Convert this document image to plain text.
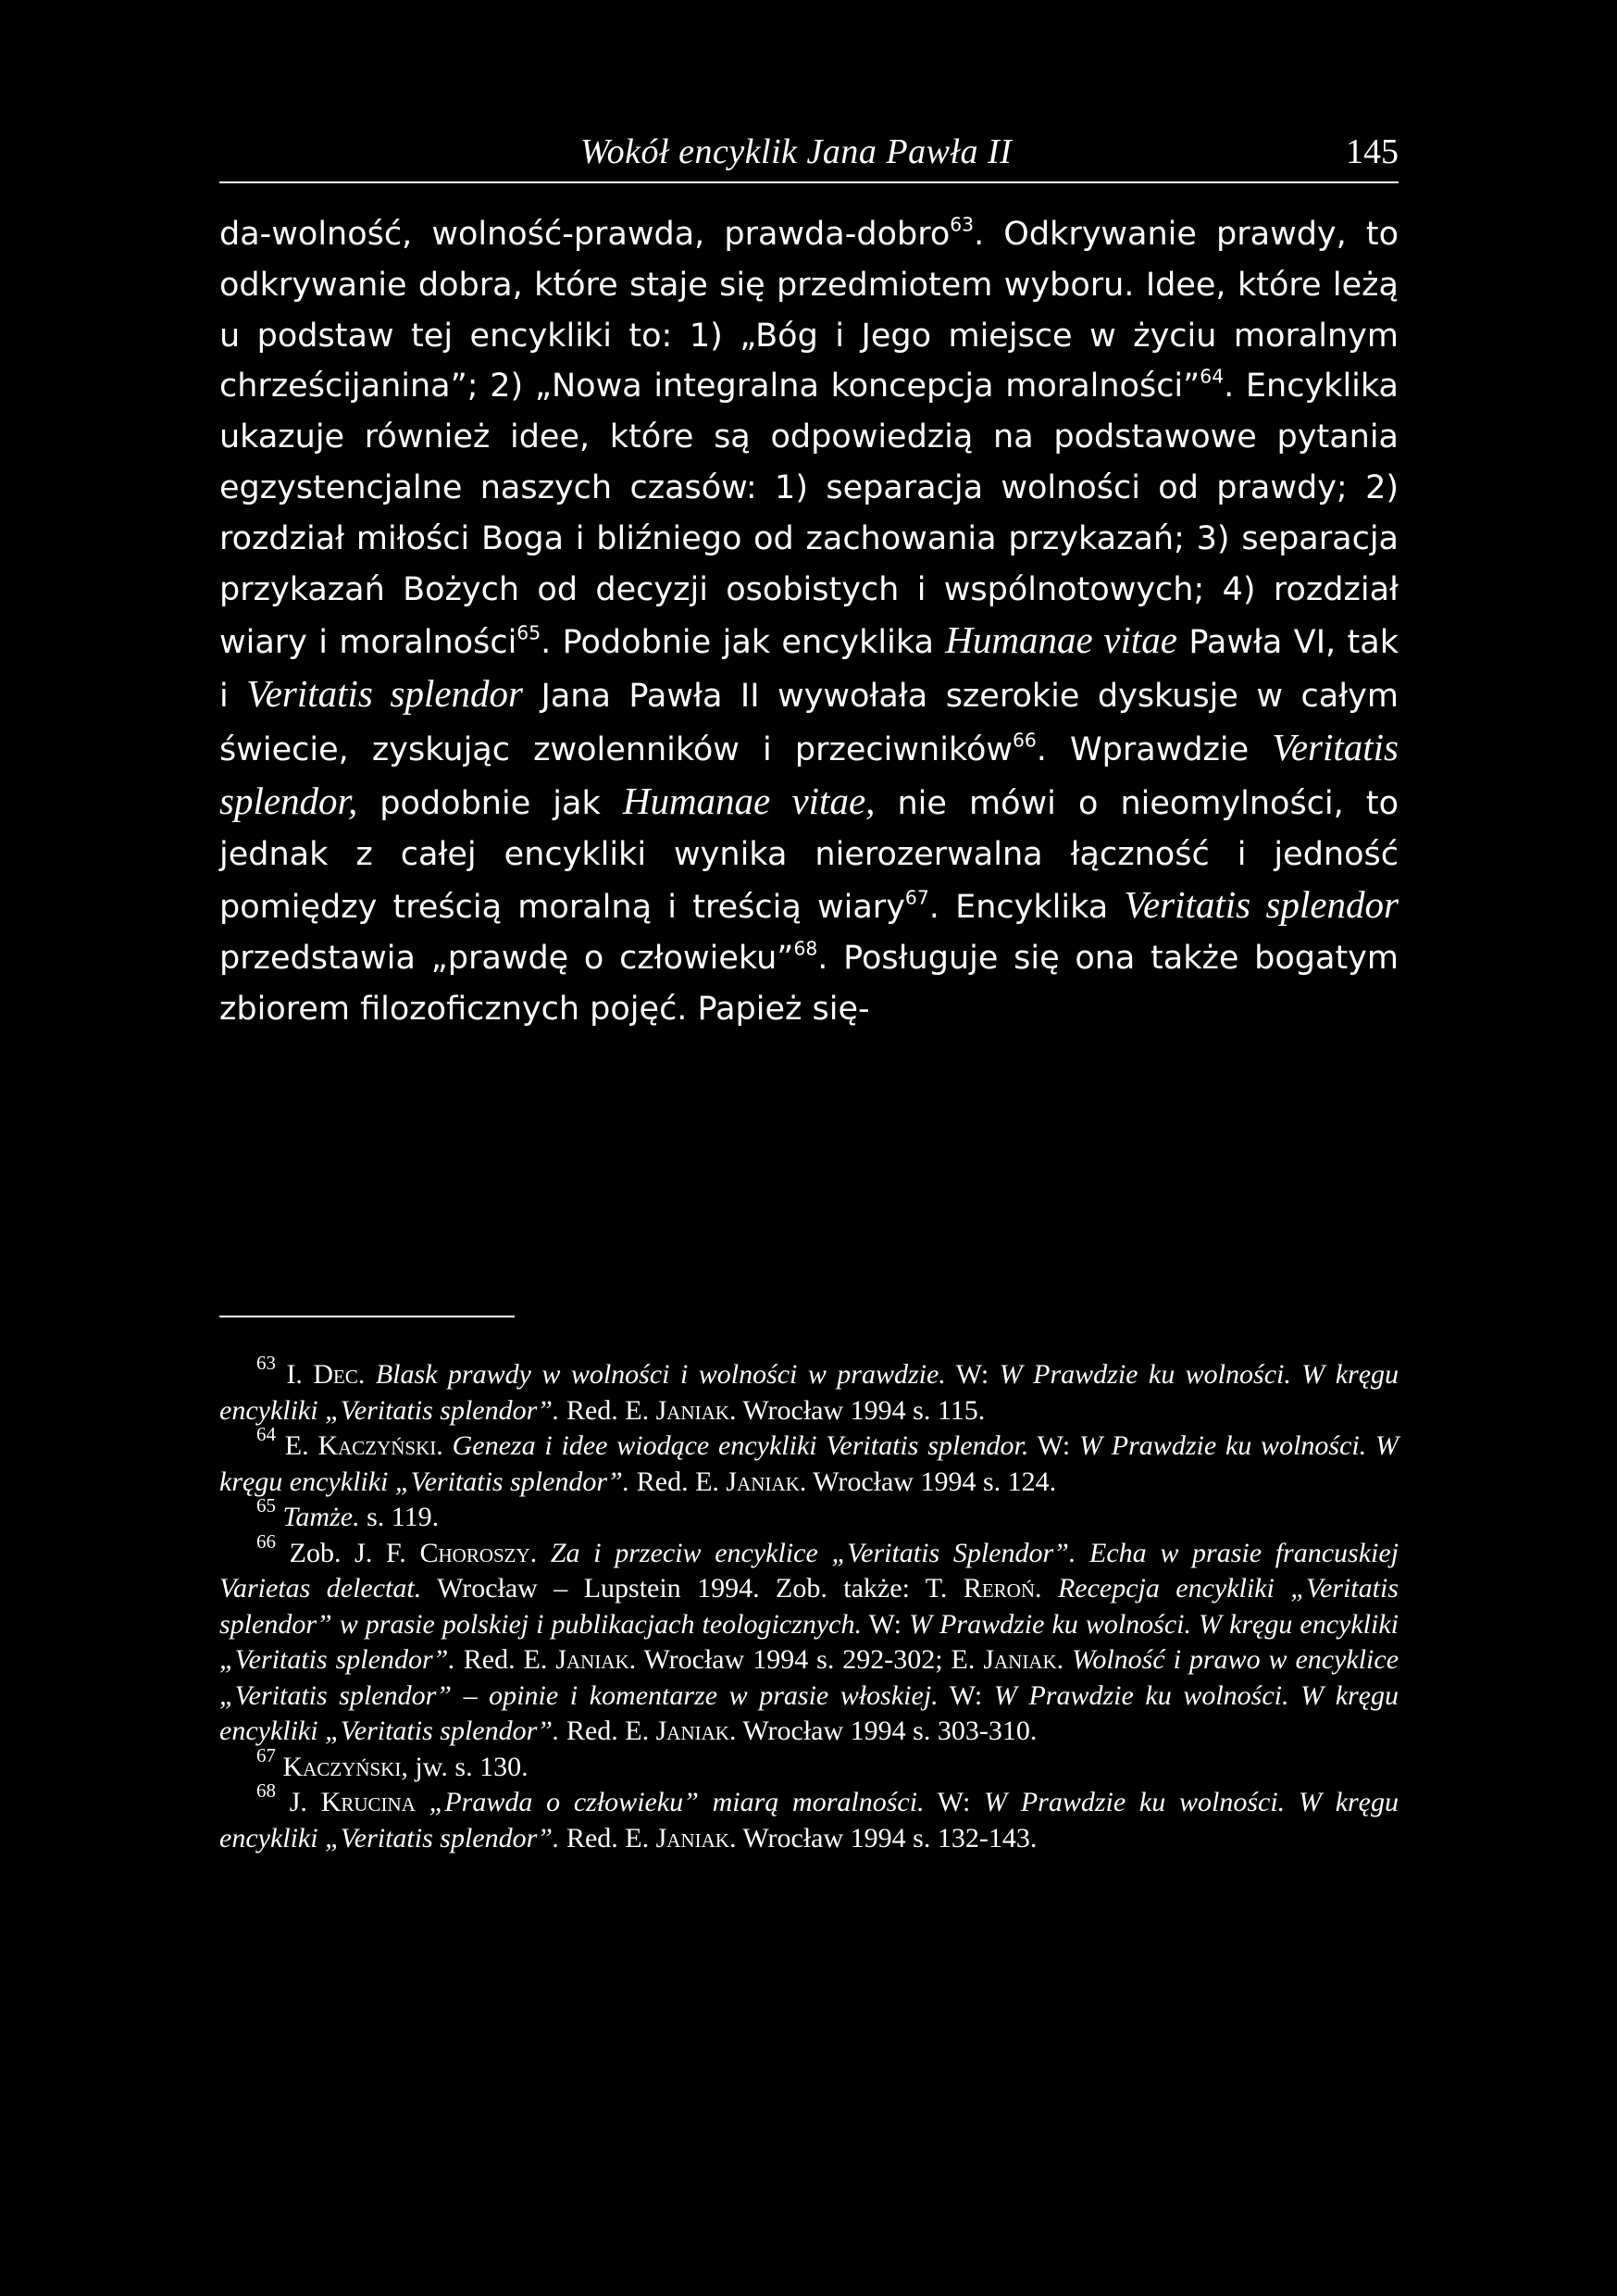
Wokół encyklik Jana Pawła II	145

da-wolność, wolność-prawda, prawda-dobro$^{63}$. Odkrywanie prawdy, to odkrywanie dobra, które staje się przedmiotem wyboru. Idee, które leżą u podstaw tej encykliki to: 1) „Bóg i Jego miejsce w życiu moralnym chrześcijanina”; 2) „Nowa integralna koncepcja moralności”$^{64}$. Encyklika ukazuje również idee, które są odpowiedzią na podstawowe pytania egzystencjalne naszych czasów: 1) separacja wolności od prawdy; 2) rozdział miłości Boga i bliźniego od zachowania przykazań; 3) separacja przykazań Bożych od decyzji osobistych i wspólnotowych; 4) rozdział wiary i moralności$^{65}$. Podobnie jak encyklika Humanae vitae Pawła VI, tak i Veritatis splendor Jana Pawła II wywołała szerokie dyskusje w całym świecie, zyskując zwolenników i przeciwników$^{66}$. Wprawdzie Veritatis splendor, podobnie jak Humanae vitae, nie mówi o nieomylności, to jednak z całej encykliki wynika nierozerwalna łączność i jedność pomiędzy treścią moralną i treścią wiary$^{67}$. Encyklika Veritatis splendor przedstawia „prawdę o człowieku”$^{68}$. Posługuje się ona także bogatym zbiorem filozoficznych pojęć. Papież się-

$^{63}$ I. Dec. Blask prawdy w wolności i wolności w prawdzie. W: W Prawdzie ku wolności. W kręgu encykliki „Veritatis splendor”. Red. E. Janiak. Wrocław 1994 s. 115.

$^{64}$ E. Kaczyński. Geneza i idee wiodące encykliki Veritatis splendor. W: W Prawdzie ku wolności. W kręgu encykliki „Veritatis splendor”. Red. E. Janiak. Wrocław 1994 s. 124.

$^{65}$ Tamże. s. 119.

$^{66}$ Zob. J. F. Choroszy. Za i przeciw encyklice „Veritatis Splendor”. Echa w prasie francuskiej Varietas delectat. Wrocław – Lupstein 1994. Zob. także: T. Reroń. Recepcja encykliki „Veritatis splendor” w prasie polskiej i publikacjach teologicznych. W: W Prawdzie ku wolności. W kręgu encykliki „Veritatis splendor”. Red. E. Janiak. Wrocław 1994 s. 292-302; E. Janiak. Wolność i prawo w encyklice „Veritatis splendor” – opinie i komentarze w prasie włoskiej. W: W Prawdzie ku wolności. W kręgu encykliki „Veritatis splendor”. Red. E. Janiak. Wrocław 1994 s. 303-310.

$^{67}$ Kaczyński, jw. s. 130.

$^{68}$ J. Krucina „Prawda o człowieku” miarą moralności. W: W Prawdzie ku wolności. W kręgu encykliki „Veritatis splendor”. Red. E. Janiak. Wrocław 1994 s. 132-143.
